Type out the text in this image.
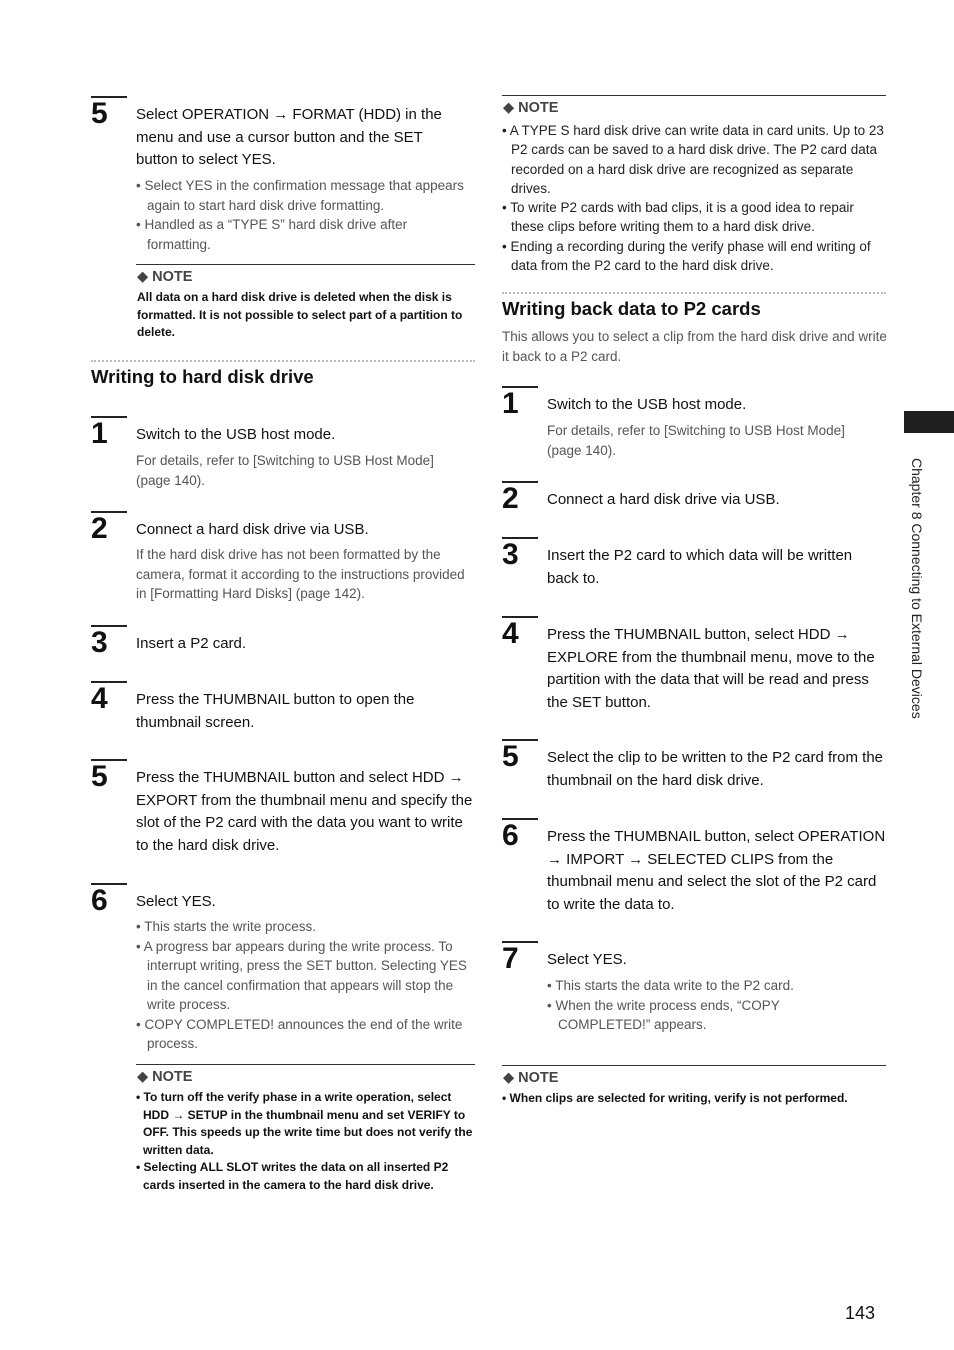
5 Select OPERATION → FORMAT (HDD) in the menu and use a cursor button and the SET button to select YES.

• Select YES in the confirmation message that appears again to start hard disk drive formatting.

• Handled as a “TYPE S” hard disk drive after formatting.

◆ NOTE

All data on a hard disk drive is deleted when the disk is formatted. It is not possible to select part of a partition to delete.

Writing to hard disk drive
1 Switch to the USB host mode.
For details, refer to [Switching to USB Host Mode] (page 140).
2 Connect a hard disk drive via USB.
If the hard disk drive has not been formatted by the camera, format it according to the instructions provided in [Formatting Hard Disks] (page 142).
3 Insert a P2 card.
4 Press the THUMBNAIL button to open the thumbnail screen.
5 Press the THUMBNAIL button and select HDD → EXPORT from the thumbnail menu and specify the slot of the P2 card with the data you want to write to the hard disk drive.
6 Select YES.

• This starts the write process.

• A progress bar appears during the write process. To interrupt writing, press the SET button. Selecting YES in the cancel confirmation that appears will stop the write process.

• COPY COMPLETED! announces the end of the write process.

◆ NOTE

• To turn off the verify phase in a write operation, select HDD → SETUP in the thumbnail menu and set VERIFY to OFF. This speeds up the write time but does not verify the written data.

• Selecting ALL SLOT writes the data on all inserted P2 cards inserted in the camera to the hard disk drive.

◆ NOTE

• A TYPE S hard disk drive can write data in card units. Up to 23 P2 cards can be saved to a hard disk drive. The P2 card data recorded on a hard disk drive are recognized as separate drives.

• To write P2 cards with bad clips, it is a good idea to repair these clips before writing them to a hard disk drive.

• Ending a recording during the verify phase will end writing of data from the P2 card to the hard disk drive.

Writing back data to P2 cards
This allows you to select a clip from the hard disk drive and write it back to a P2 card.
1 Switch to the USB host mode.
For details, refer to [Switching to USB Host Mode] (page 140).
2 Connect a hard disk drive via USB.
3 Insert the P2 card to which data will be written back to.
4 Press the THUMBNAIL button, select HDD → EXPLORE from the thumbnail menu, move to the partition with the data that will be read and press the SET button.
5 Select the clip to be written to the P2 card from the thumbnail on the hard disk drive.
6 Press the THUMBNAIL button, select OPERATION → IMPORT → SELECTED CLIPS from the thumbnail menu and select the slot of the P2 card to write the data to.
7 Select YES.

• This starts the data write to the P2 card.

• When the write process ends, “COPY COMPLETED!” appears.

◆ NOTE

• When clips are selected for writing, verify is not performed.

Chapter 8 Connecting to External Devices
143
